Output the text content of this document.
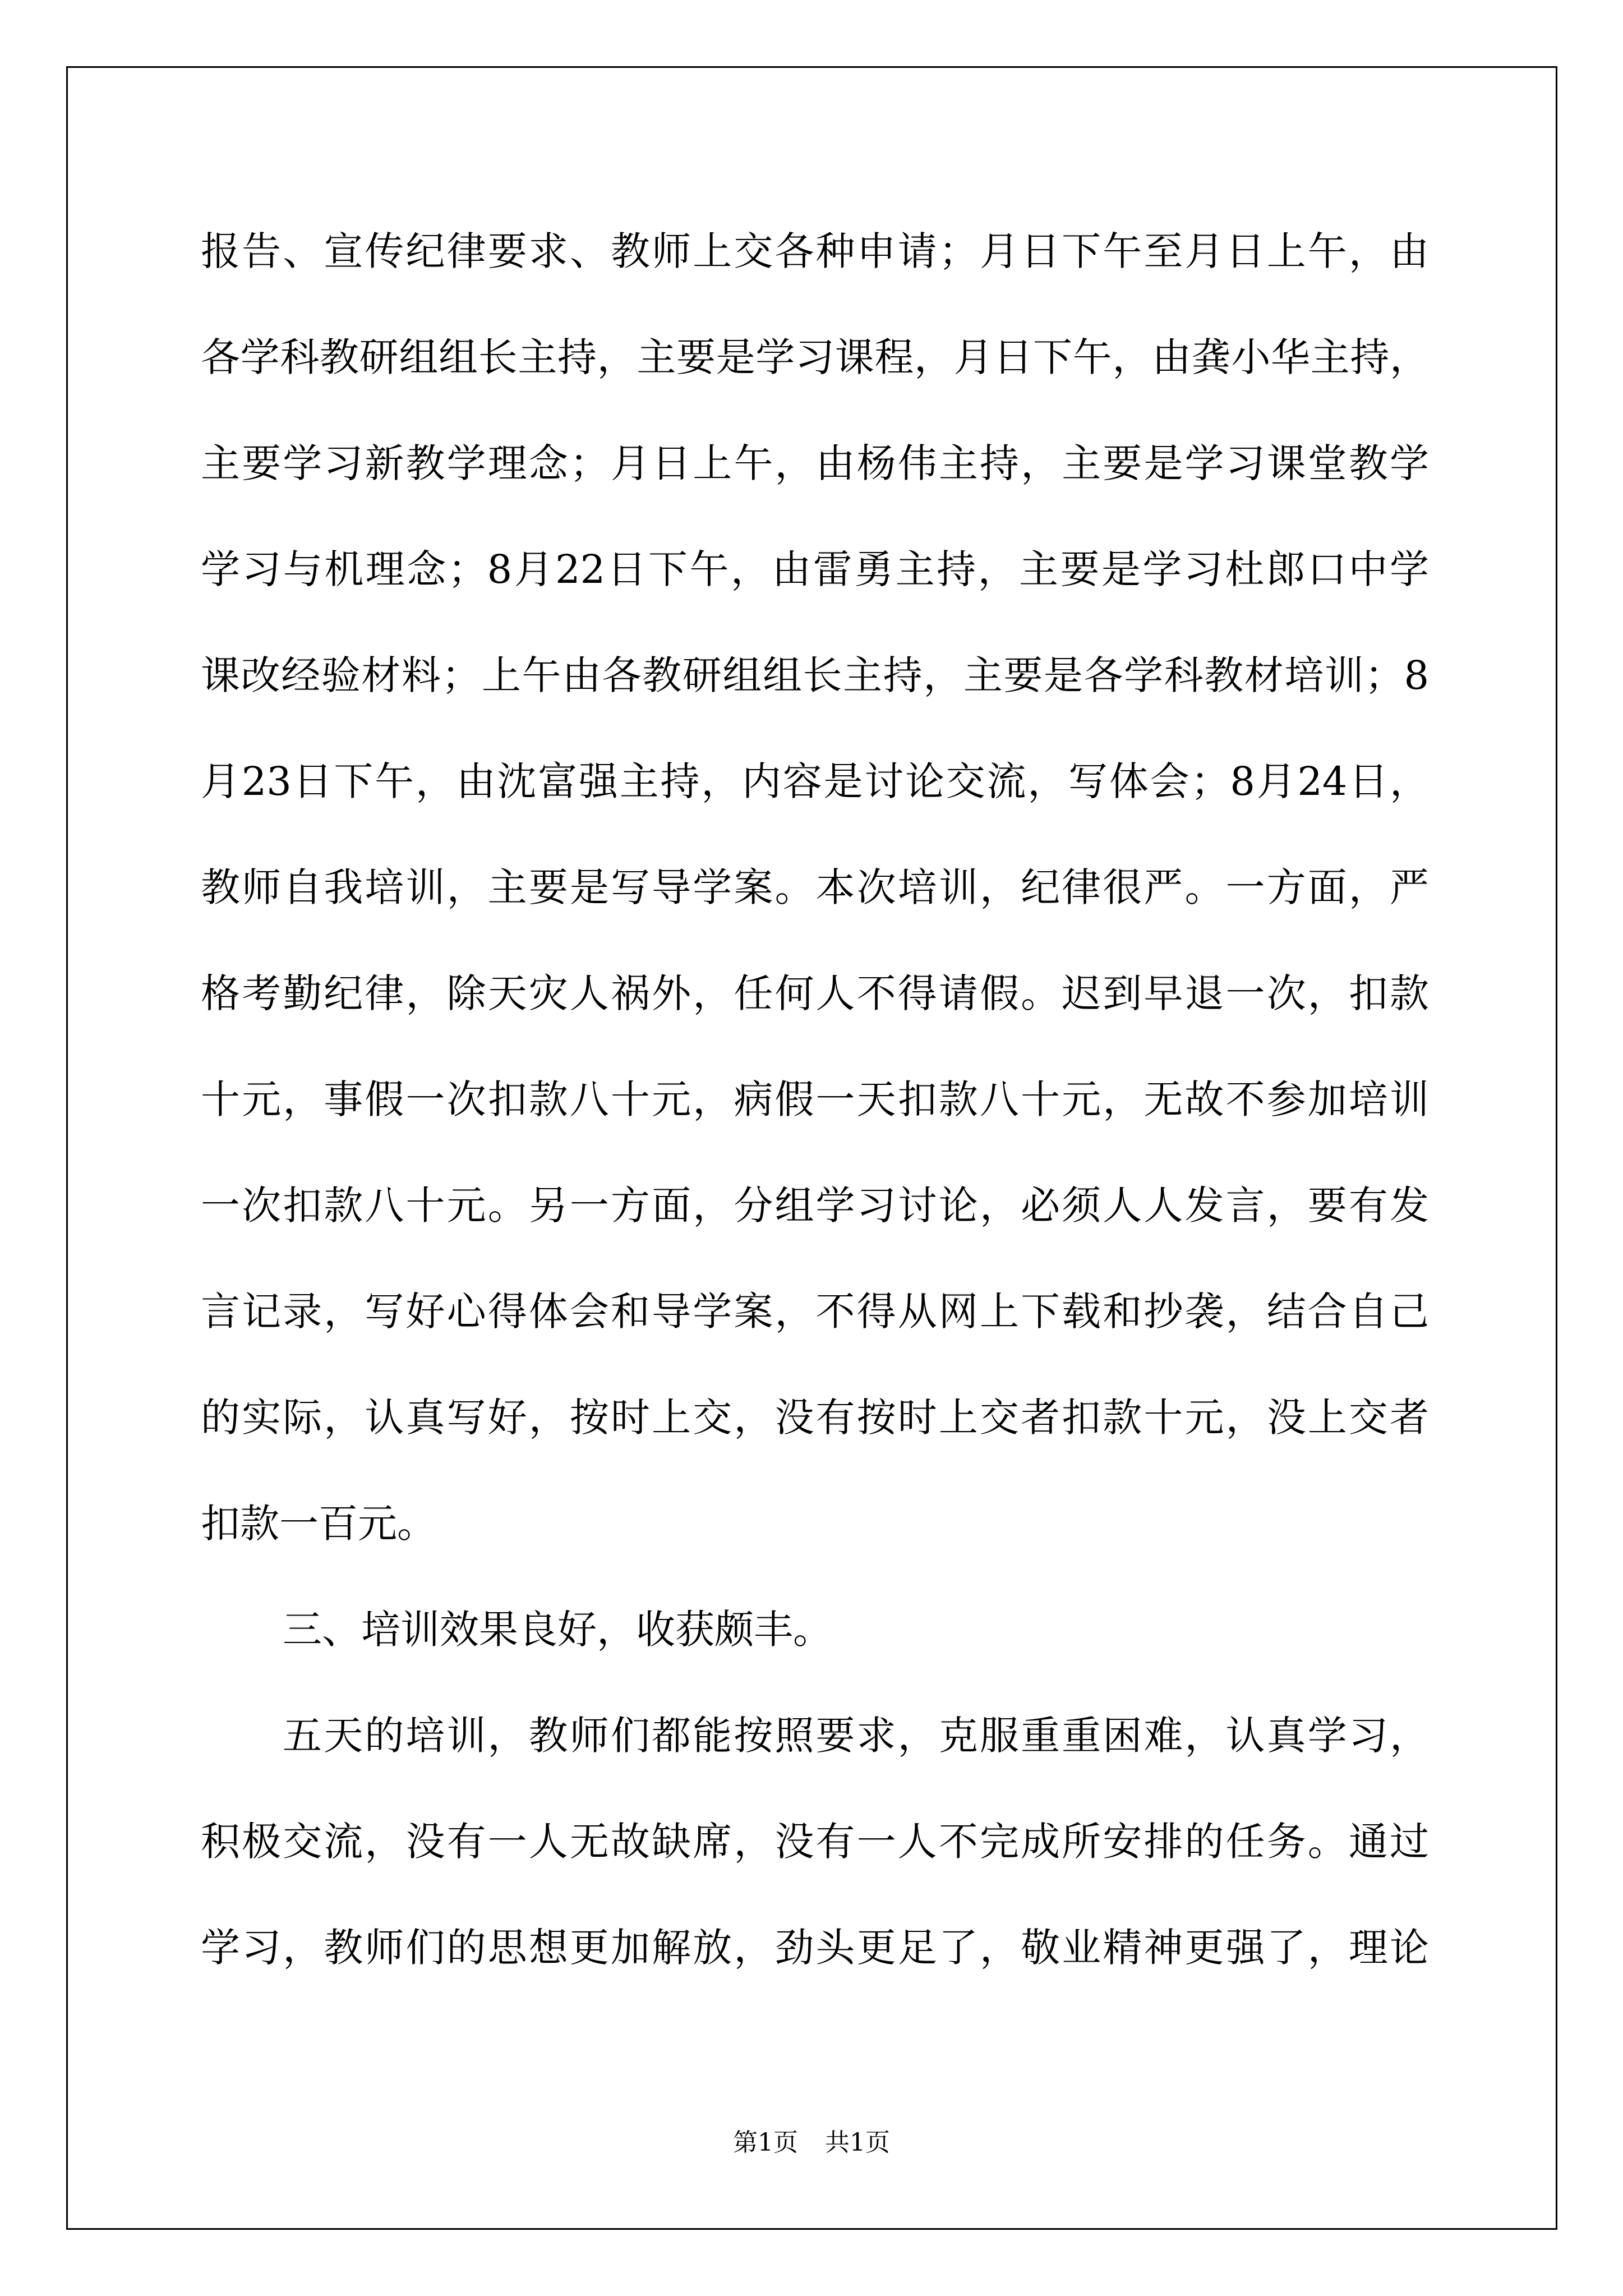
报告、宣传纪律要求、教师上交各种申请；月日下午至月日上午，由
各学科教研组组长主持，主要是学习课程，月日下午，由龚小华主持，
主要学习新教学理念；月日上午，由杨伟主持，主要是学习课堂教学
学习与机理念；8月22日下午，由雷勇主持，主要是学习杜郎口中学
课改经验材料；上午由各教研组组长主持，主要是各学科教材培训；8
月23日下午，由沈富强主持，内容是讨论交流，写体会；8月24日，
教师自我培训，主要是写导学案。本次培训，纪律很严。一方面，严
格考勤纪律，除天灾人祸外，任何人不得请假。迟到早退一次，扣款
十元，事假一次扣款八十元，病假一天扣款八十元，无故不参加培训
一次扣款八十元。另一方面，分组学习讨论，必须人人发言，要有发
言记录，写好心得体会和导学案，不得从网上下载和抄袭，结合自己
的实际，认真写好，按时上交，没有按时上交者扣款十元，没上交者
扣款一百元。
三、培训效果良好，收获颇丰。
五天的培训，教师们都能按照要求，克服重重困难，认真学习，
积极交流，没有一人无故缺席，没有一人不完成所安排的任务。通过
学习，教师们的思想更加解放，劲头更足了，敬业精神更强了，理论
第1页 共1页
